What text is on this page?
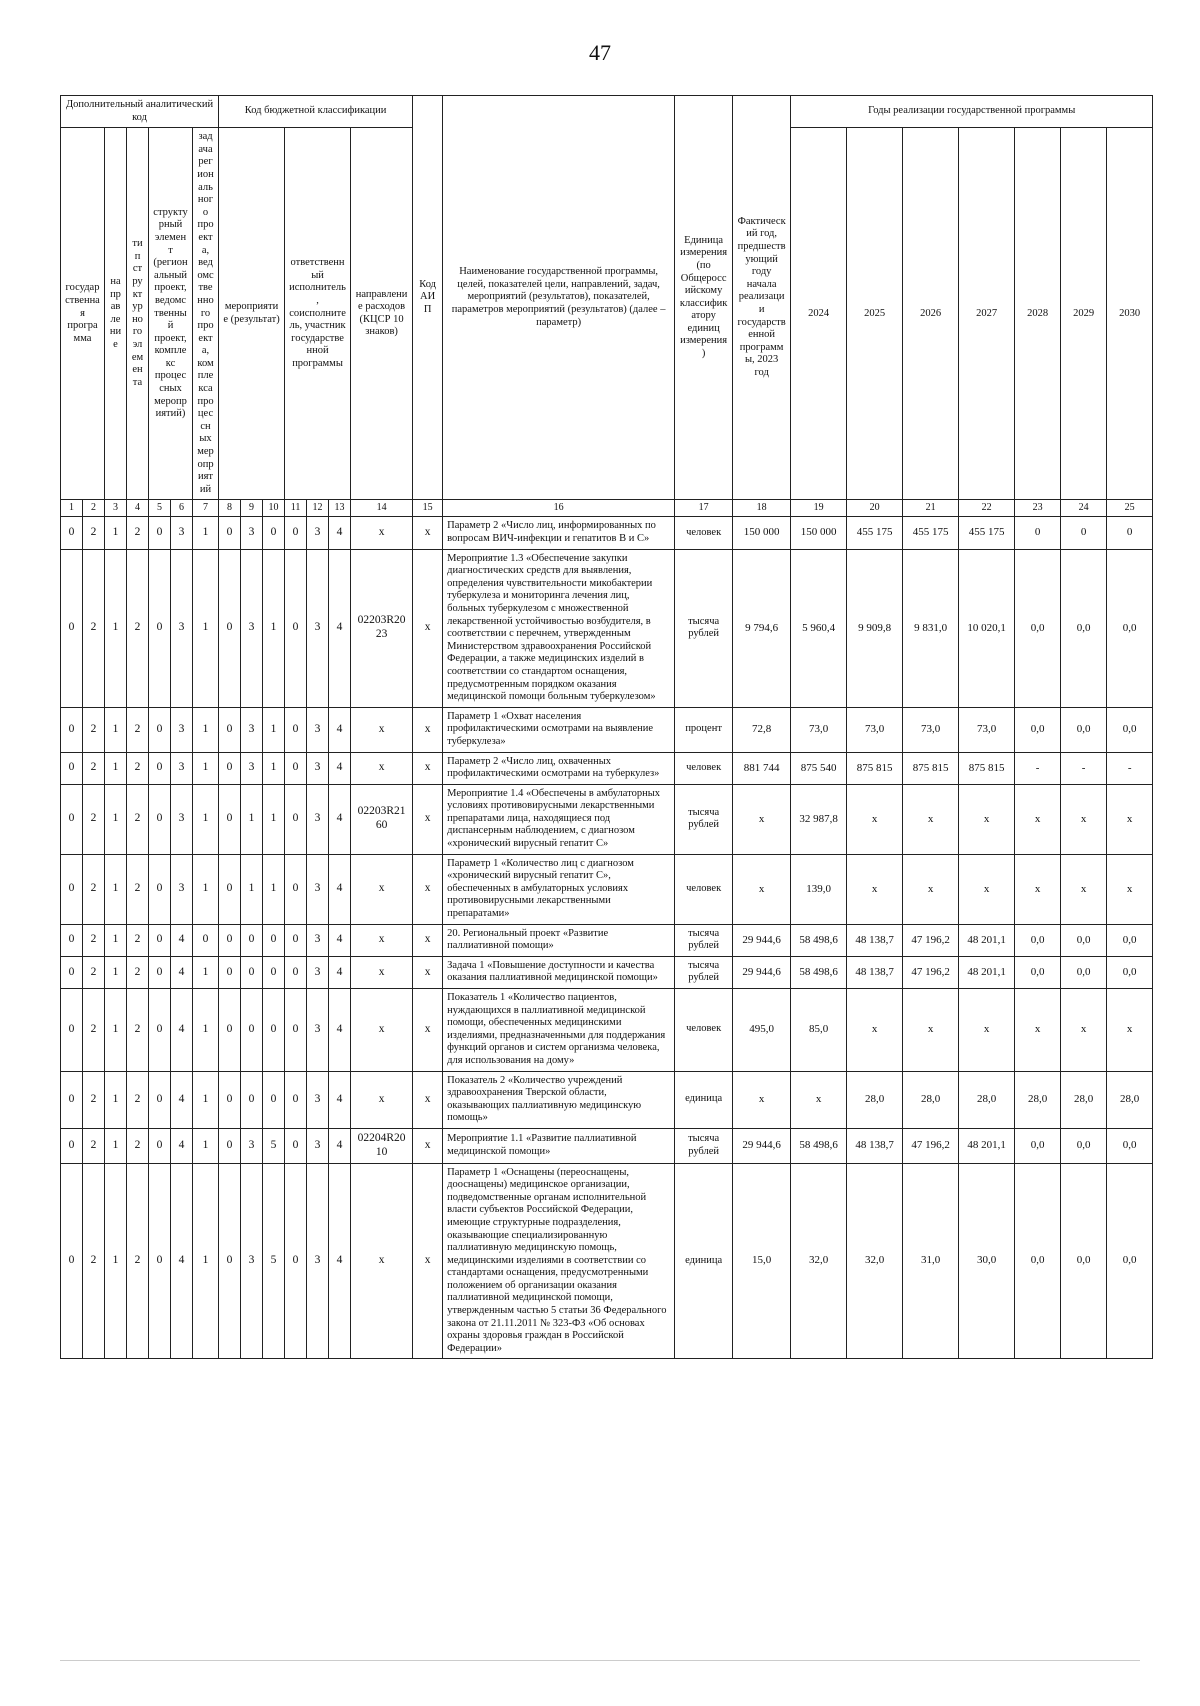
47
Дополнительный аналитический код							Код бюджетной классификации							Код АИП	Наименование государственной программы, целей, показателей цели, направлений, задач, мероприятий (результатов), показателей, параметров мероприятий (результатов) (далее – параметр)	Единица измерения (по Общероссийскому классификатору единиц измерения)	Фактический год, предшествующий году начала реализации государственной программы, 2023 год	Годы реализации государственной программы						
государственная программа		направление	тип структурного элемента	структурный элемент (региональный проект, ведомственный проект, комплекс процессных мероприятий)		задача регионального проекта, ведомственного проекта, комплекса процессных мероприятий	мероприятие (результат)			ответственный исполнитель, соисполнитель, участник государственной программы			направление расходов (КЦСР 10 знаков)					2024	2025	2026	2027	2028	2029	2030
1	2	3	4	5	6	7	8	9	10	11	12	13	14	15	16	17	18	19	20	21	22	23	24	25
0	2	1	2	0	3	1	0	3	0	0	3	4	х	х	Параметр 2 «Число лиц, информированных по вопросам ВИЧ-инфекции и гепатитов В и С»	человек	150 000	150 000	455 175	455 175	455 175	0	0	0
0	2	1	2	0	3	1	0	3	1	0	3	4	02203R2023	х	Мероприятие 1.3 «Обеспечение закупки диагностических средств для выявления, определения чувствительности микобактерии туберкулеза и мониторинга лечения лиц, больных туберкулезом с множественной лекарственной устойчивостью возбудителя, в соответствии с перечнем, утвержденным Министерством здравоохранения Российской Федерации, а также медицинских изделий в соответствии со стандартом оснащения, предусмотренным порядком оказания медицинской помощи больным туберкулезом»	тысяча рублей	9 794,6	5 960,4	9 909,8	9 831,0	10 020,1	0,0	0,0	0,0
0	2	1	2	0	3	1	0	3	1	0	3	4	х	х	Параметр 1 «Охват населения профилактическими осмотрами на выявление туберкулеза»	процент	72,8	73,0	73,0	73,0	73,0	0,0	0,0	0,0
0	2	1	2	0	3	1	0	3	1	0	3	4	х	х	Параметр 2 «Число лиц, охваченных профилактическими осмотрами на туберкулез»	человек	881 744	875 540	875 815	875 815	875 815	-	-	-
0	2	1	2	0	3	1	0	1	1	0	3	4	02203R2160	х	Мероприятие 1.4 «Обеспечены в амбулаторных условиях противовирусными лекарственными препаратами лица, находящиеся под диспансерным наблюдением, с диагнозом «хронический вирусный гепатит С»	тысяча рублей	х	32 987,8	х	х	х	х	х	х
0	2	1	2	0	3	1	0	1	1	0	3	4	х	х	Параметр 1 «Количество лиц с диагнозом «хронический вирусный гепатит С», обеспеченных в амбулаторных условиях противовирусными лекарственными препаратами»	человек	х	139,0	х	х	х	х	х	х
0	2	1	2	0	4	0	0	0	0	0	3	4	х	х	20. Региональный проект «Развитие паллиативной помощи»	тысяча рублей	29 944,6	58 498,6	48 138,7	47 196,2	48 201,1	0,0	0,0	0,0
0	2	1	2	0	4	1	0	0	0	0	3	4	х	х	Задача 1 «Повышение доступности и качества оказания паллиативной медицинской помощи»	тысяча рублей	29 944,6	58 498,6	48 138,7	47 196,2	48 201,1	0,0	0,0	0,0
0	2	1	2	0	4	1	0	0	0	0	3	4	х	х	Показатель 1 «Количество пациентов, нуждающихся в паллиативной медицинской помощи, обеспеченных медицинскими изделиями, предназначенными для поддержания функций органов и систем организма человека, для использования на дому»	человек	495,0	85,0	х	х	х	х	х	х
0	2	1	2	0	4	1	0	0	0	0	3	4	х	х	Показатель 2 «Количество учреждений здравоохранения Тверской области, оказывающих паллиативную медицинскую помощь»	единица	х	х	28,0	28,0	28,0	28,0	28,0	28,0
0	2	1	2	0	4	1	0	3	5	0	3	4	02204R2010	х	Мероприятие 1.1 «Развитие паллиативной медицинской помощи»	тысяча рублей	29 944,6	58 498,6	48 138,7	47 196,2	48 201,1	0,0	0,0	0,0
0	2	1	2	0	4	1	0	3	5	0	3	4	х	х	Параметр 1 «Оснащены (переоснащены, дооснащены) медицинское организации, подведомственные органам исполнительной власти субъектов Российской Федерации, имеющие структурные подразделения, оказывающие специализированную паллиативную медицинскую помощь, медицинскими изделиями в соответствии со стандартами оснащения, предусмотренными положением об организации оказания паллиативной медицинской помощи, утвержденным частью 5 статьи 36 Федерального закона от 21.11.2011 № 323-ФЗ «Об основах охраны здоровья граждан в Российской Федерации»	единица	15,0	32,0	32,0	31,0	30,0	0,0	0,0	0,0
